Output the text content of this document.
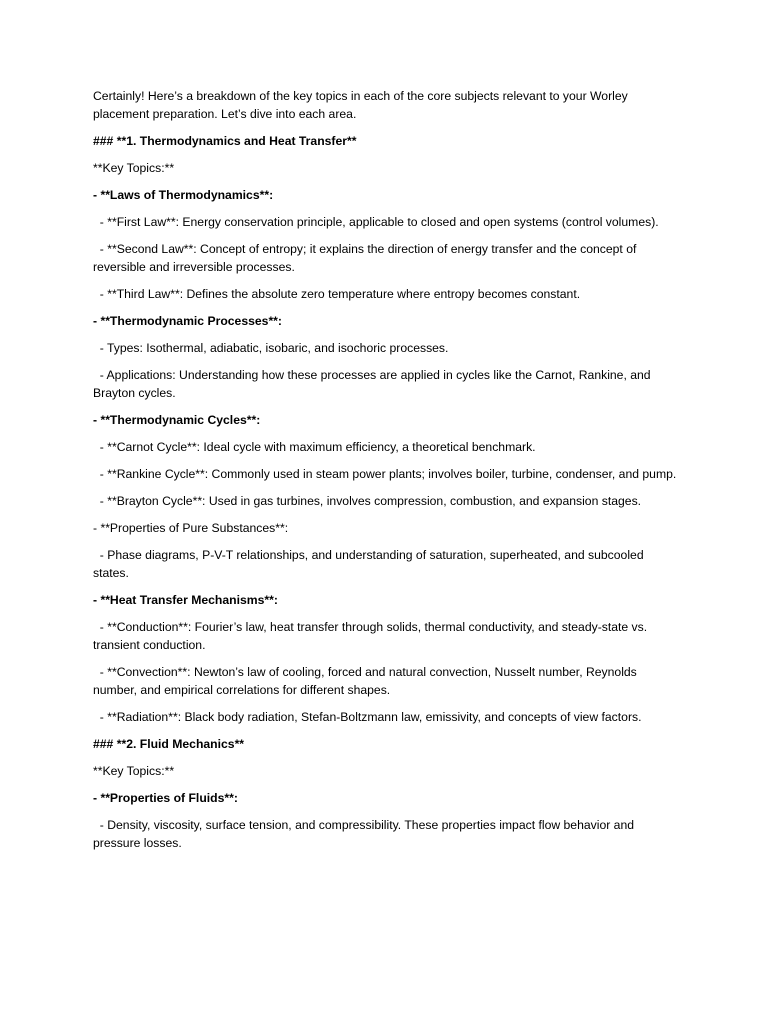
Certainly! Here’s a breakdown of the key topics in each of the core subjects relevant to your Worley placement preparation. Let’s dive into each area.

### **1. Thermodynamics and Heat Transfer**

**Key Topics:**

- **Laws of Thermodynamics**:

- **First Law**: Energy conservation principle, applicable to closed and open systems (control volumes).

- **Second Law**: Concept of entropy; it explains the direction of energy transfer and the concept of reversible and irreversible processes.

- **Third Law**: Defines the absolute zero temperature where entropy becomes constant.

- **Thermodynamic Processes**:

- Types: Isothermal, adiabatic, isobaric, and isochoric processes.

- Applications: Understanding how these processes are applied in cycles like the Carnot, Rankine, and Brayton cycles.

- **Thermodynamic Cycles**:

- **Carnot Cycle**: Ideal cycle with maximum efficiency, a theoretical benchmark.

- **Rankine Cycle**: Commonly used in steam power plants; involves boiler, turbine, condenser, and pump.

- **Brayton Cycle**: Used in gas turbines, involves compression, combustion, and expansion stages.

- **Properties of Pure Substances**:

- Phase diagrams, P-V-T relationships, and understanding of saturation, superheated, and subcooled states.

- **Heat Transfer Mechanisms**:

- **Conduction**: Fourier’s law, heat transfer through solids, thermal conductivity, and steady-state vs. transient conduction.

- **Convection**: Newton’s law of cooling, forced and natural convection, Nusselt number, Reynolds number, and empirical correlations for different shapes.

- **Radiation**: Black body radiation, Stefan-Boltzmann law, emissivity, and concepts of view factors.

### **2. Fluid Mechanics**

**Key Topics:**

- **Properties of Fluids**:

- Density, viscosity, surface tension, and compressibility. These properties impact flow behavior and pressure losses.
